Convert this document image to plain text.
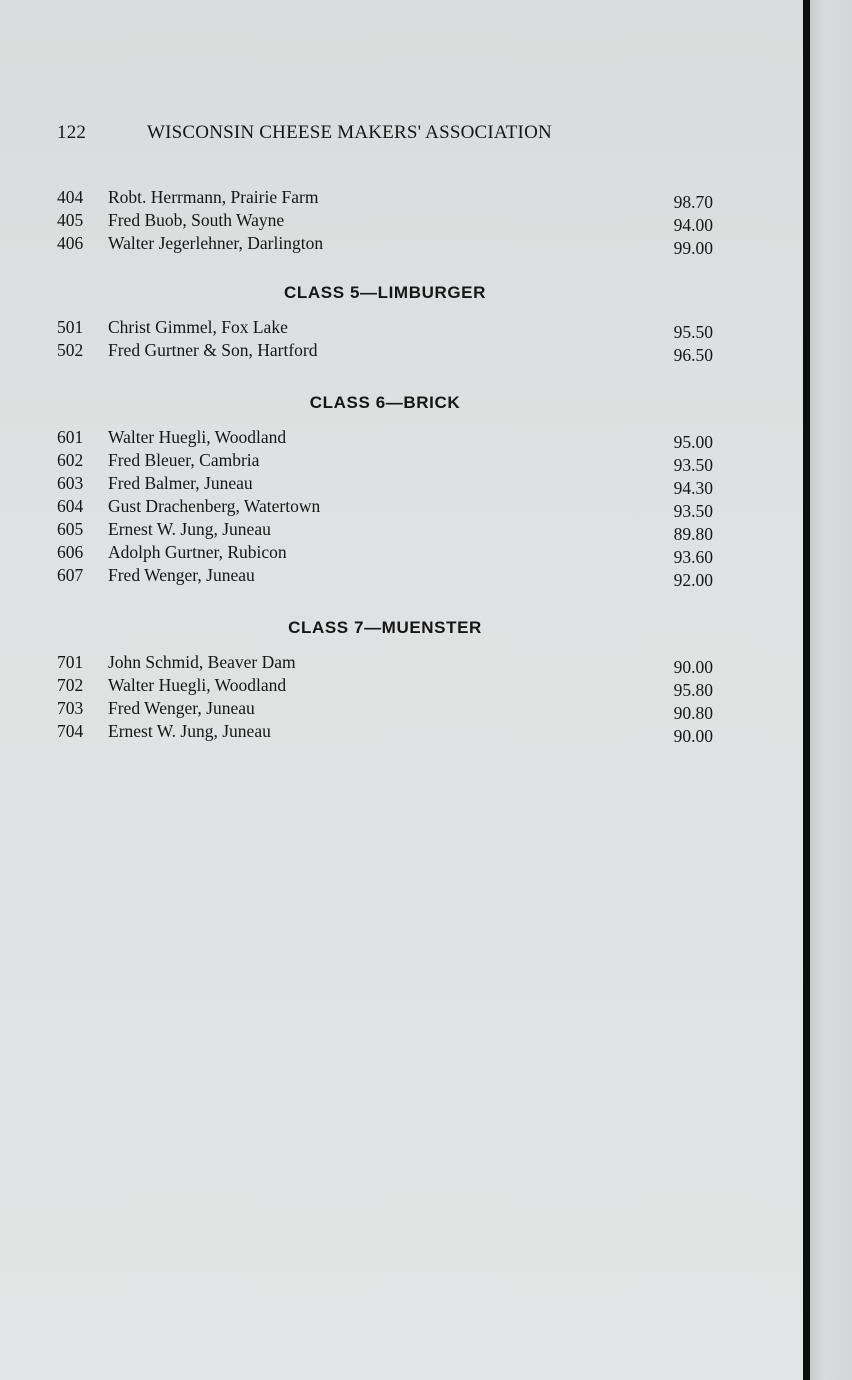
122	WISCONSIN CHEESE MAKERS' ASSOCIATION
404	Robt. Herrmann, Prairie Farm	98.70
405	Fred Buob, South Wayne	94.00
406	Walter Jegerlehner, Darlington	99.00
CLASS 5—LIMBURGER
501	Christ Gimmel, Fox Lake	95.50
502	Fred Gurtner & Son, Hartford	96.50
CLASS 6—BRICK
601	Walter Huegli, Woodland	95.00
602	Fred Bleuer, Cambria	93.50
603	Fred Balmer, Juneau	94.30
604	Gust Drachenberg, Watertown	93.50
605	Ernest W. Jung, Juneau	89.80
606	Adolph Gurtner, Rubicon	93.60
607	Fred Wenger, Juneau	92.00
CLASS 7—MUENSTER
701	John Schmid, Beaver Dam	90.00
702	Walter Huegli, Woodland	95.80
703	Fred Wenger, Juneau	90.80
704	Ernest W. Jung, Juneau	90.00
